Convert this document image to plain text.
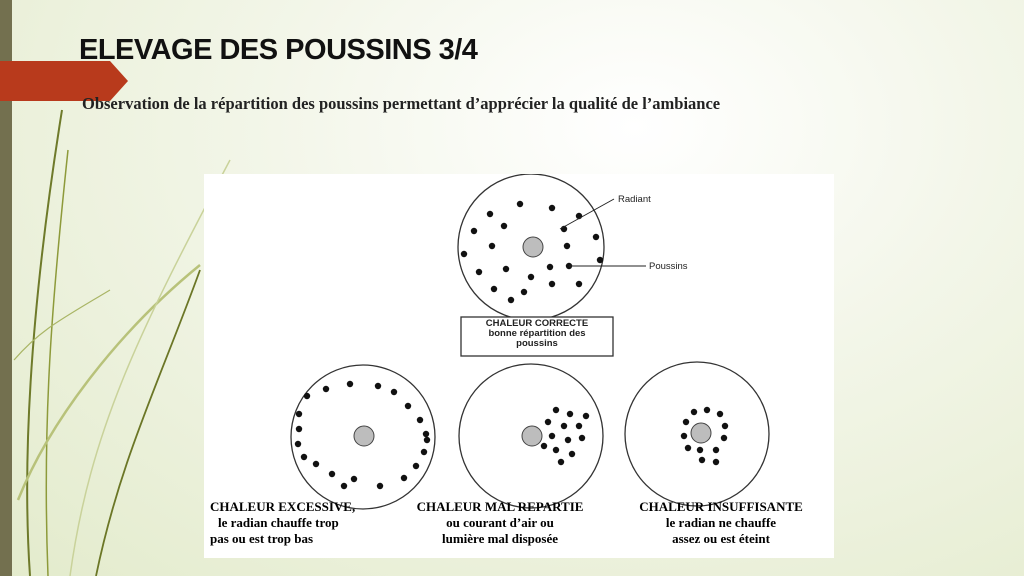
ELEVAGE DES POUSSINS 3/4

Observation de la répartition des poussins permettant d’apprécier la qualité de l’ambiance

Radiant
Poussins
CHALEUR CORRECTE
bonne répartition des
poussins
CHALEUR EXCESSIVE,
le radian chauffe trop
pas ou est trop bas
CHALEUR MAL REPARTIE
ou courant d’air ou
lumière mal disposée
CHALEUR INSUFFISANTE
le radian ne chauffe
assez ou est éteint
